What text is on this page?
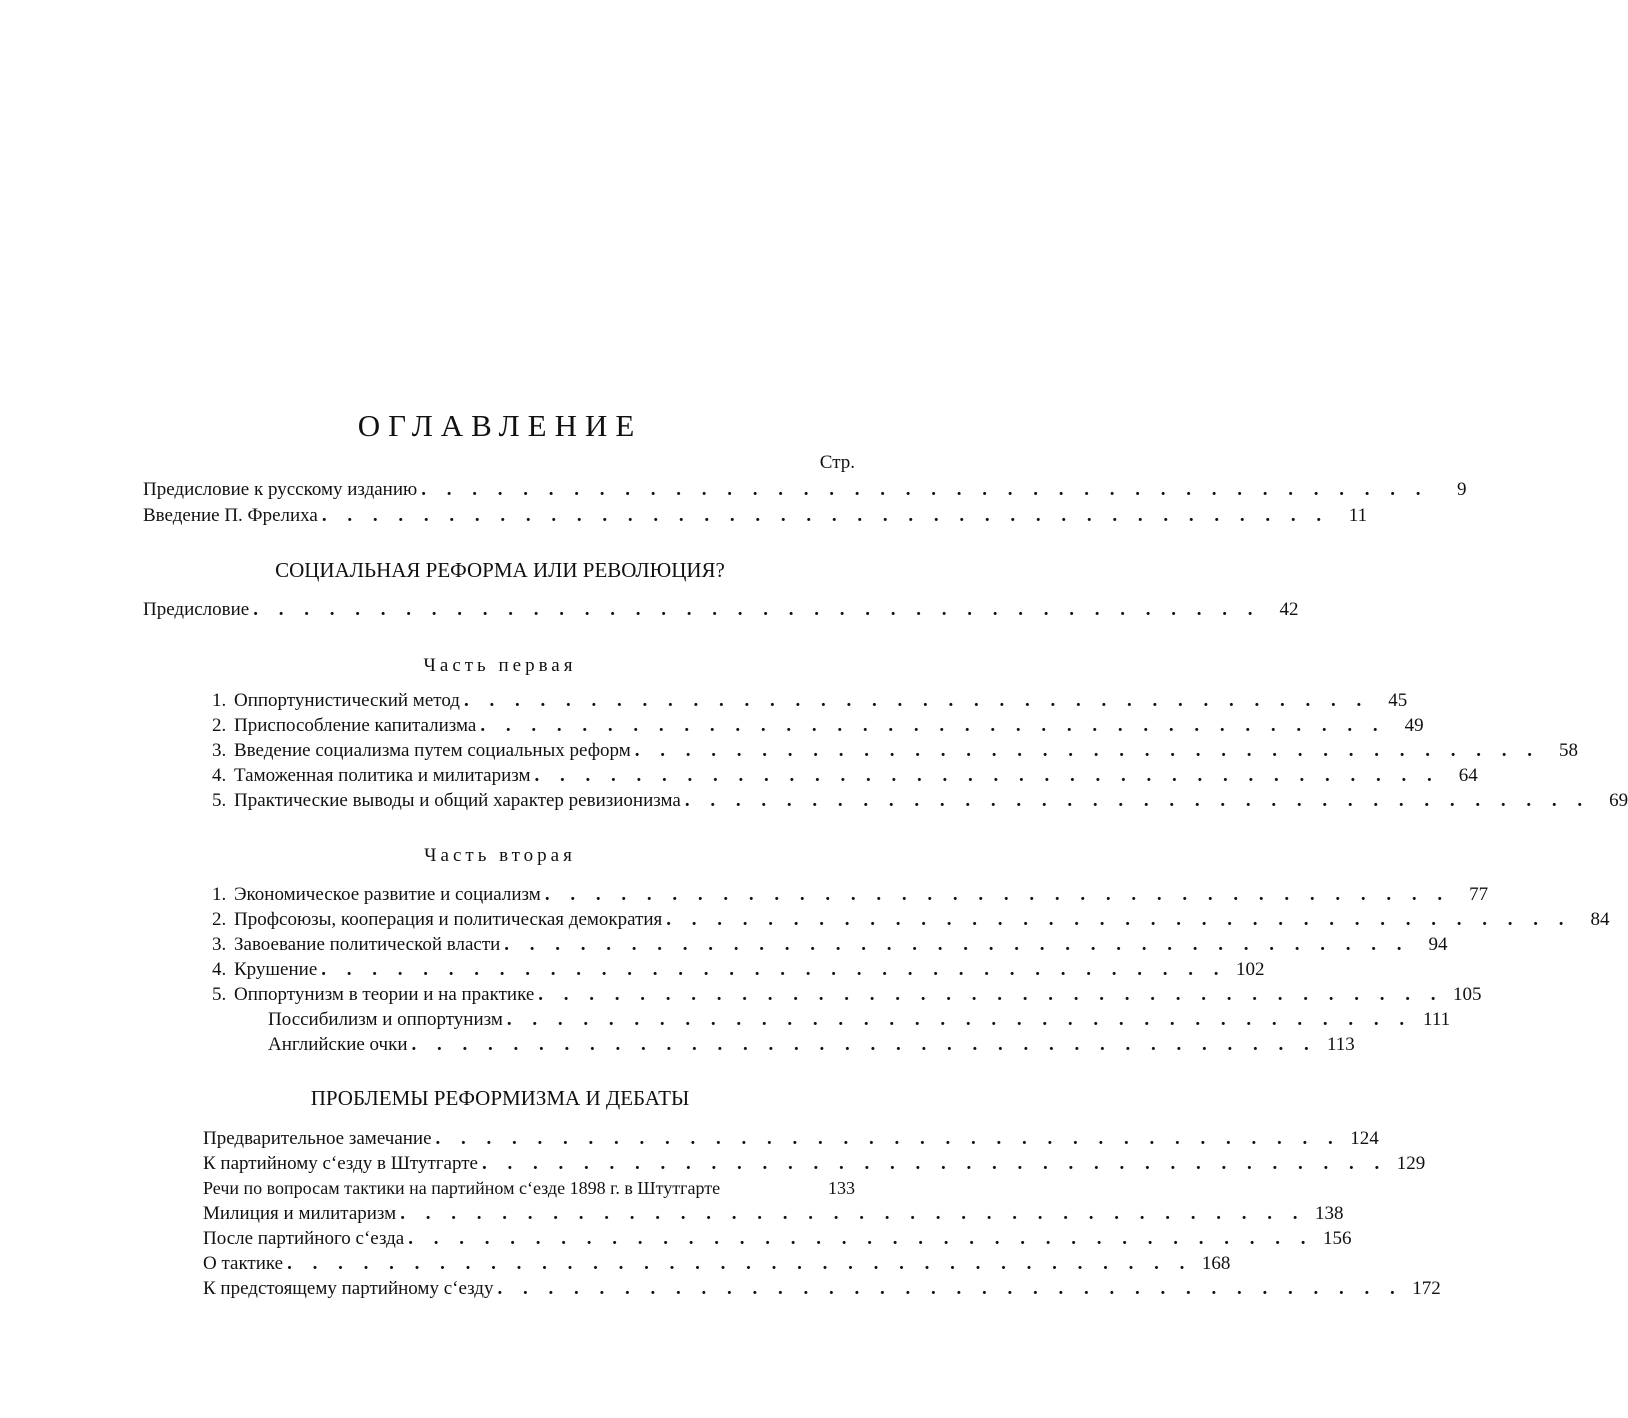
ОГЛАВЛЕНИЕ
Стр.
Предисловие к русскому изданию . . . . . . . . . . . . . . . . . . . . . . . . . . . . . . . . . . . . . . . .	9
Введение П. Фрелиха . . . . . . . . . . . . . . . . . . . . . . . . . . . . . . . . . . . . . . . .	11
СОЦИАЛЬНАЯ РЕФОРМА ИЛИ РЕВОЛЮЦИЯ?
Предисловие . . . . . . . . . . . . . . . . . . . . . . . . . . . . . . . . . . . . . . . .	42
Часть первая
1. Оппортунистический метод . . . . . . . . . . . . . . . . . . . . . . . . . . . . . . . . . . . .	45
2. Приспособление капитализма . . . . . . . . . . . . . . . . . . . . . . . . . . . . . . . . . . . .	49
3. Введение социализма путем социальных реформ . . . . . . . . . . . . . . . . . . . . . . . . . . . . . . . . . . . .	58
4. Таможенная политика и милитаризм . . . . . . . . . . . . . . . . . . . . . . . . . . . . . . . . . . . .	64
5. Практические выводы и общий характер ревизионизма . . . . . . . . . . . . . . . . . . . . . . . . . . . . . . . . . . . .	69
Часть вторая
1. Экономическое развитие и социализм . . . . . . . . . . . . . . . . . . . . . . . . . . . . . . . . . . . .	77
2. Профсоюзы, кооперация и политическая демократия . . . . . . . . . . . . . . . . . . . . . . . . . . . . . . . . . . . .	84
3. Завоевание политической власти . . . . . . . . . . . . . . . . . . . . . . . . . . . . . . . . . . . .	94
4. Крушение . . . . . . . . . . . . . . . . . . . . . . . . . . . . . . . . . . . . 102
5. Оппортунизм в теории и на практике . . . . . . . . . . . . . . . . . . . . . . . . . . . . . . . . . . . . 105
Поссибилизм и оппортунизм . . . . . . . . . . . . . . . . . . . . . . . . . . . . . . . . . . . . 111
Английские очки . . . . . . . . . . . . . . . . . . . . . . . . . . . . . . . . . . . . 113
ПРОБЛЕМЫ РЕФОРМИЗМА И ДЕБАТЫ
Предварительное замечание . . . . . . . . . . . . . . . . . . . . . . . . . . . . . . . . . . . . 124
К партийному с‘езду в Штутгарте . . . . . . . . . . . . . . . . . . . . . . . . . . . . . . . . . . . . 129
Речи по вопросам тактики на партийном с‘езде 1898 г. в Штутгарте	133
Милиция и милитаризм . . . . . . . . . . . . . . . . . . . . . . . . . . . . . . . . . . . . 138
После партийного с‘езда . . . . . . . . . . . . . . . . . . . . . . . . . . . . . . . . . . . . 156
О тактике . . . . . . . . . . . . . . . . . . . . . . . . . . . . . . . . . . . . 168
К предстоящему партийному с‘езду . . . . . . . . . . . . . . . . . . . . . . . . . . . . . . . . . . . . 172
